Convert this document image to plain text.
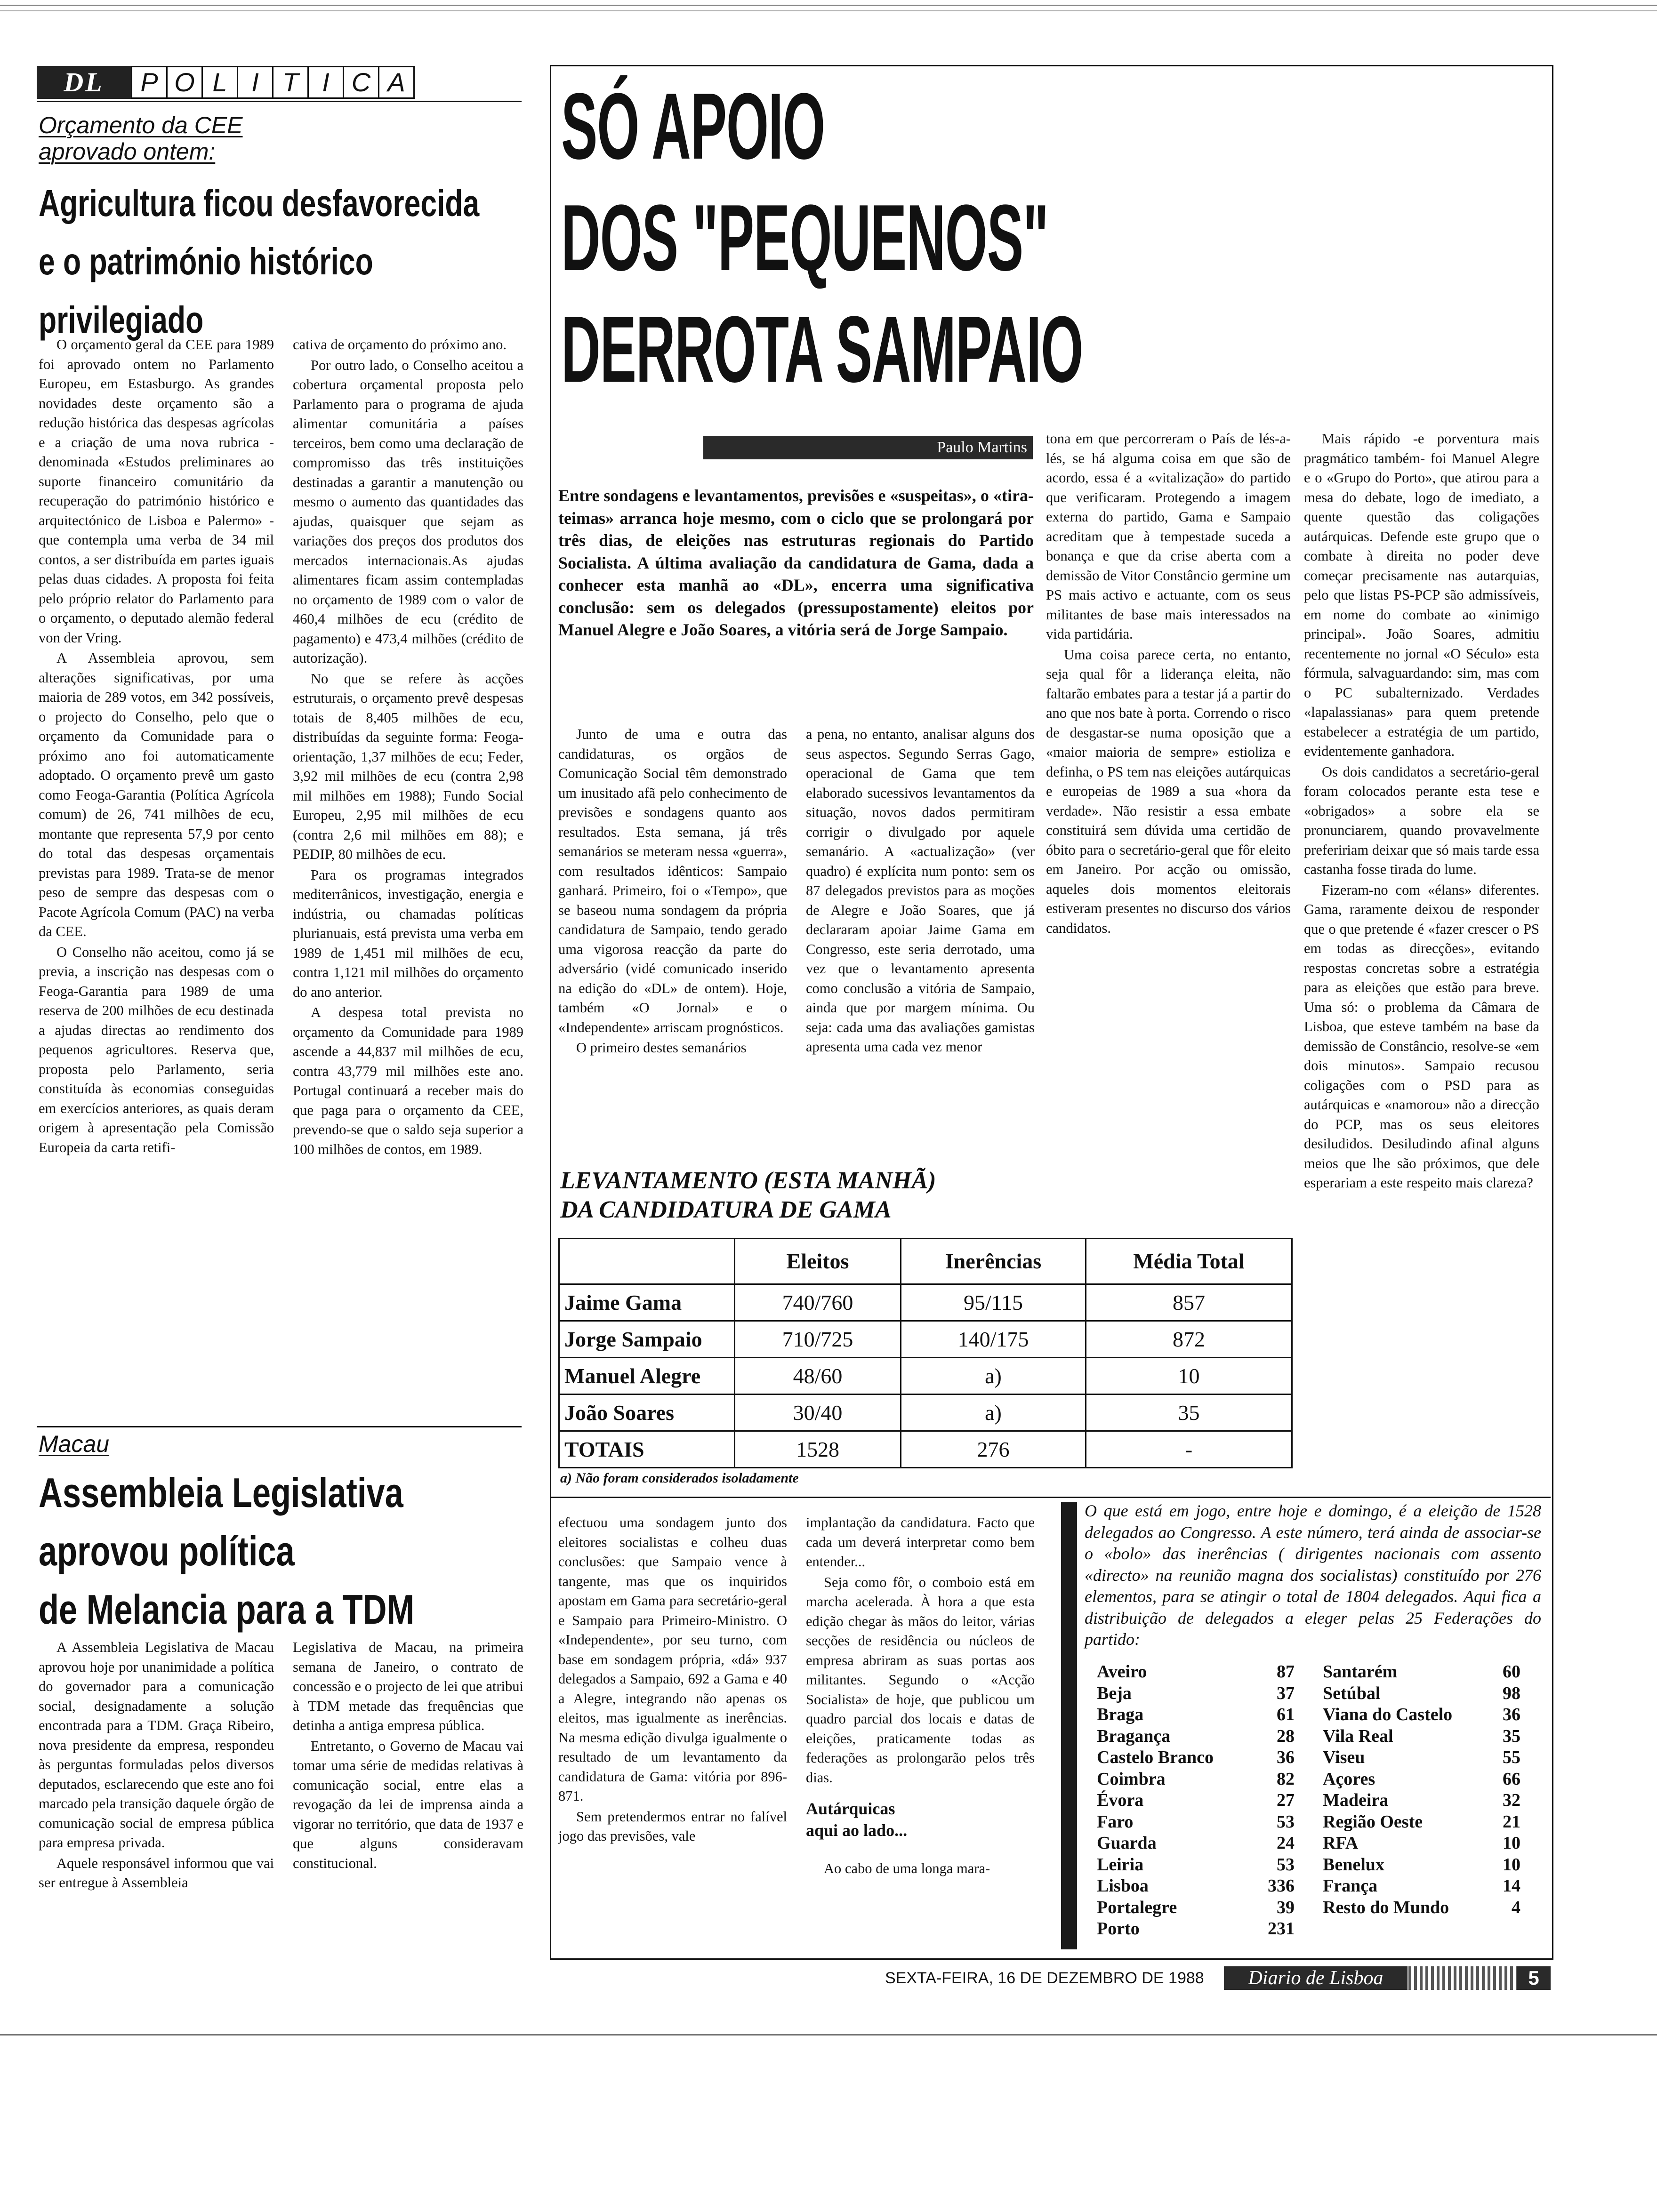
DL	P O L I T I C A
Orçamento da CEE
aprovado ontem:
Agricultura ficou desfavorecida
e o património histórico
privilegiado

O orçamento geral da CEE para 1989 foi aprovado ontem no Parlamento Europeu, em Estasburgo. As grandes novidades deste orçamento são a redução histórica das despesas agrícolas e a criação de uma nova rubrica - denominada «Estudos preliminares ao suporte financeiro comunitário da recuperação do património histórico e arquitectónico de Lisboa e Palermo» - que contempla uma verba de 34 mil contos, a ser distribuída em partes iguais pelas duas cidades. A proposta foi feita pelo próprio relator do Parlamento para o orçamento, o deputado alemão federal von der Vring.

A Assembleia aprovou, sem alterações significativas, por uma maioria de 289 votos, em 342 possíveis, o projecto do Conselho, pelo que o orçamento da Comunidade para o próximo ano foi automaticamente adoptado. O orçamento prevê um gasto como Feoga-Garantia (Política Agrícola comum) de 26, 741 milhões de ecu, montante que representa 57,9 por cento do total das despesas orçamentais previstas para 1989. Trata-se de menor peso de sempre das despesas com o Pacote Agrícola Comum (PAC) na verba da CEE.

O Conselho não aceitou, como já se previa, a inscrição nas despesas com o Feoga-Garantia para 1989 de uma reserva de 200 milhões de ecu destinada a ajudas directas ao rendimento dos pequenos agricultores. Reserva que, proposta pelo Parlamento, seria constituída às economias conseguidas em exercícios anteriores, as quais deram origem à apresentação pela Comissão Europeia da carta retifi-

cativa de orçamento do próximo ano.

Por outro lado, o Conselho aceitou a cobertura orçamental proposta pelo Parlamento para o programa de ajuda alimentar comunitária a países terceiros, bem como uma declaração de compromisso das três instituições destinadas a garantir a manutenção ou mesmo o aumento das quantidades das ajudas, quaisquer que sejam as variações dos preços dos produtos dos mercados internacionais.As ajudas alimentares ficam assim contempladas no orçamento de 1989 com o valor de 460,4 milhões de ecu (crédito de pagamento) e 473,4 milhões (crédito de autorização).

No que se refere às acções estruturais, o orçamento prevê despesas totais de 8,405 milhões de ecu, distribuídas da seguinte forma: Feoga-orientação, 1,37 milhões de ecu; Feder, 3,92 mil milhões de ecu (contra 2,98 mil milhões em 1988); Fundo Social Europeu, 2,95 mil milhões de ecu (contra 2,6 mil milhões em 88); e PEDIP, 80 milhões de ecu.

Para os programas integrados mediterrânicos, investigação, energia e indústria, ou chamadas políticas plurianuais, está prevista uma verba em 1989 de 1,451 mil milhões de ecu, contra 1,121 mil milhões do orçamento do ano anterior.

A despesa total prevista no orçamento da Comunidade para 1989 ascende a 44,837 mil milhões de ecu, contra 43,779 mil milhões este ano. Portugal continuará a receber mais do que paga para o orçamento da CEE, prevendo-se que o saldo seja superior a 100 milhões de contos, em 1989.

Macau
Assembleia Legislativa
aprovou política
de Melancia para a TDM

A Assembleia Legislativa de Macau aprovou hoje por unanimidade a política do governador para a comunicação social, designadamente a solução encontrada para a TDM. Graça Ribeiro, nova presidente da empresa, respondeu às perguntas formuladas pelos diversos deputados, esclarecendo que este ano foi marcado pela transição daquele órgão de comunicação social de empresa pública para empresa privada.

Aquele responsável informou que vai ser entregue à Assembleia

Legislativa de Macau, na primeira semana de Janeiro, o contrato de concessão e o projecto de lei que atribui à TDM metade das frequências que detinha a antiga empresa pública.

Entretanto, o Governo de Macau vai tomar uma série de medidas relativas à comunicação social, entre elas a revogação da lei de imprensa ainda a vigorar no território, que data de 1937 e que alguns consideravam constitucional.

SÓ APOIO
DOS "PEQUENOS"
DERROTA SAMPAIO
Paulo Martins
Entre sondagens e levantamentos, previsões e «suspeitas», o «tira-teimas» arranca hoje mesmo, com o ciclo que se prolongará por três dias, de eleições nas estruturas regionais do Partido Socialista. A última avaliação da candidatura de Gama, dada a conhecer esta manhã ao «DL», encerra uma significativa conclusão: sem os delegados (pressupostamente) eleitos por Manuel Alegre e João Soares, a vitória será de Jorge Sampaio.

Junto de uma e outra das candidaturas, os orgãos de Comunicação Social têm demonstrado um inusitado afã pelo conhecimento de previsões e sondagens quanto aos resultados. Esta semana, já três semanários se meteram nessa «guerra», com resultados idênticos: Sampaio ganhará. Primeiro, foi o «Tempo», que se baseou numa sondagem da própria candidatura de Sampaio, tendo gerado uma vigorosa reacção da parte do adversário (vidé comunicado inserido na edição do «DL» de ontem). Hoje, também «O Jornal» e o «Independente» arriscam prognósticos.

O primeiro destes semanários

a pena, no entanto, analisar alguns dos seus aspectos. Segundo Serras Gago, operacional de Gama que tem elaborado sucessivos levantamentos da situação, novos dados permitiram corrigir o divulgado por aquele semanário. A «actualização» (ver quadro) é explícita num ponto: sem os 87 delegados previstos para as moções de Alegre e João Soares, que já declararam apoiar Jaime Gama em Congresso, este seria derrotado, uma vez que o levantamento apresenta como conclusão a vitória de Sampaio, ainda que por margem mínima. Ou seja: cada uma das avaliações gamistas apresenta uma cada vez menor

tona em que percorreram o País de lés-a-lés, se há alguma coisa em que são de acordo, essa é a «vitalização» do partido que verificaram. Protegendo a imagem externa do partido, Gama e Sampaio acreditam que à tempestade suceda a bonança e que da crise aberta com a demissão de Vitor Constâncio germine um PS mais activo e actuante, com os seus militantes de base mais interessados na vida partidária.

Uma coisa parece certa, no entanto, seja qual fôr a liderança eleita, não faltarão embates para a testar já a partir do ano que nos bate à porta. Correndo o risco de desgastar-se numa oposição que a «maior maioria de sempre» estioliza e definha, o PS tem nas eleições autárquicas e europeias de 1989 a sua «hora da verdade». Não resistir a essa embate constituirá sem dúvida uma certidão de óbito para o secretário-geral que fôr eleito em Janeiro. Por acção ou omissão, aqueles dois momentos eleitorais estiveram presentes no discurso dos vários candidatos.

Mais rápido -e porventura mais pragmático também- foi Manuel Alegre e o «Grupo do Porto», que atirou para a mesa do debate, logo de imediato, a quente questão das coligações autárquicas. Defende este grupo que o combate à direita no poder deve começar precisamente nas autarquias, pelo que listas PS-PCP são admissíveis, em nome do combate ao «inimigo principal». João Soares, admitiu recentemente no jornal «O Século» esta fórmula, salvaguardando: sim, mas com o PC subalternizado. Verdades «lapalassianas» para quem pretende estabelecer a estratégia de um partido, evidentemente ganhadora.

Os dois candidatos a secretário-geral foram colocados perante esta tese e «obrigados» a sobre ela se pronunciarem, quando provavelmente prefeririam deixar que só mais tarde essa castanha fosse tirada do lume.

Fizeram-no com «élans» diferentes. Gama, raramente deixou de responder que o que pretende é «fazer crescer o PS em todas as direcções», evitando respostas concretas sobre a estratégia para as eleições que estão para breve. Uma só: o problema da Câmara de Lisboa, que esteve também na base da demissão de Constâncio, resolve-se «em dois minutos». Sampaio recusou coligações com o PSD para as autárquicas e «namorou» não a direcção do PCP, mas os seus eleitores desiludidos. Desiludindo afinal alguns meios que lhe são próximos, que dele esperariam a este respeito mais clareza?

LEVANTAMENTO (ESTA MANHÃ)
DA CANDIDATURA DE GAMA
	Eleitos	Inerências	Média Total
Jaime Gama	740/760	95/115	857
Jorge Sampaio	710/725	140/175	872
Manuel Alegre	48/60	a)	10
João Soares	30/40	a)	35
TOTAIS	1528	276	-
a) Não foram considerados isoladamente

efectuou uma sondagem junto dos eleitores socialistas e colheu duas conclusões: que Sampaio vence à tangente, mas que os inquiridos apostam em Gama para secretário-geral e Sampaio para Primeiro-Ministro. O «Independente», por seu turno, com base em sondagem própria, «dá» 937 delegados a Sampaio, 692 a Gama e 40 a Alegre, integrando não apenas os eleitos, mas igualmente as inerências. Na mesma edição divulga igualmente o resultado de um levantamento da candidatura de Gama: vitória por 896-871.

Sem pretendermos entrar no falível jogo das previsões, vale

implantação da candidatura. Facto que cada um deverá interpretar como bem entender...

Seja como fôr, o comboio está em marcha acelerada. À hora a que esta edição chegar às mãos do leitor, várias secções de residência ou núcleos de empresa abriram as suas portas aos militantes. Segundo o «Acção Socialista» de hoje, que publicou um quadro parcial dos locais e datas de eleições, praticamente todas as federações as prolongarão pelos três dias.

Autárquicas
aqui ao lado...

Ao cabo de uma longa mara-

O que está em jogo, entre hoje e domingo, é a eleição de 1528 delegados ao Congresso. A este número, terá ainda de associar-se o «bolo» das inerências ( dirigentes nacionais com assento «directo» na reunião magna dos socialistas) constituído por 276 elementos, para se atingir o total de 1804 delegados. Aqui fica a distribuição de delegados a eleger pelas 25 Federações do partido:
Aveiro	87
Beja	37
Braga	61
Bragança	28
Castelo Branco	36
Coimbra	82
Évora	27
Faro	53
Guarda	24
Leiria	53
Lisboa	336
Portalegre	39
Porto	231
Santarém	60
Setúbal	98
Viana do Castelo	36
Vila Real	35
Viseu	55
Açores	66
Madeira	32
Região Oeste	21
RFA	10
Benelux	10
França	14
Resto do Mundo	4
SEXTA-FEIRA, 16 DE DEZEMBRO DE 1988	Diario de Lisboa	5
